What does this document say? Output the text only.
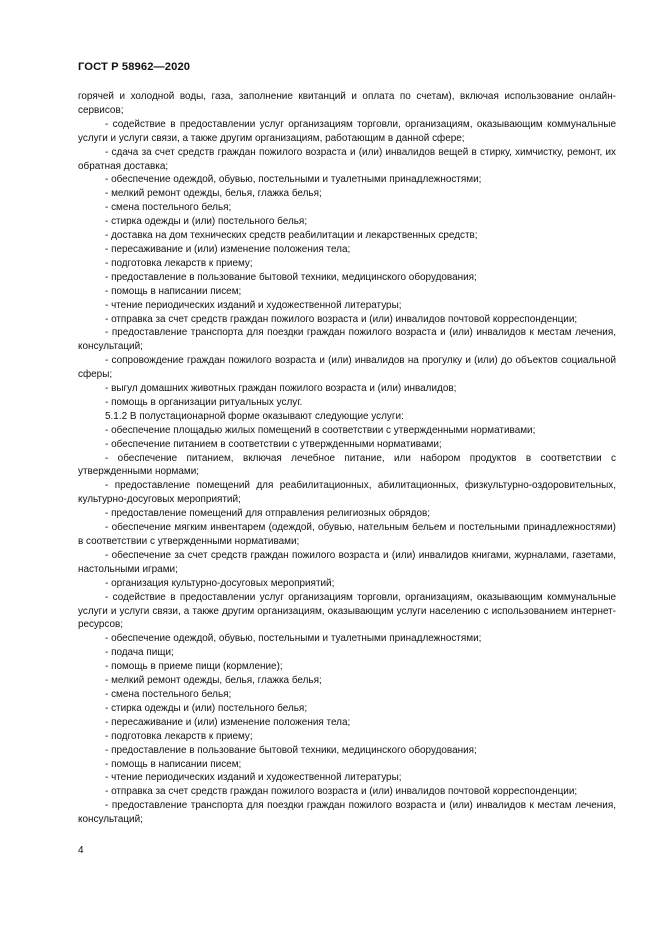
ГОСТ Р 58962—2020

горячей и холодной воды, газа, заполнение квитанций и оплата по счетам), включая использование онлайн-сервисов;

- содействие в предоставлении услуг организациям торговли, организациям, оказывающим коммунальные услуги и услуги связи, а также другим организациям, работающим в данной сфере;

- сдача за счет средств граждан пожилого возраста и (или) инвалидов вещей в стирку, химчистку, ремонт, их обратная доставка;

- обеспечение одеждой, обувью, постельными и туалетными принадлежностями;

- мелкий ремонт одежды, белья, глажка белья;

- смена постельного белья;

- стирка одежды и (или) постельного белья;

- доставка на дом технических средств реабилитации и лекарственных средств;

- пересаживание и (или) изменение положения тела;

- подготовка лекарств к приему;

- предоставление в пользование бытовой техники, медицинского оборудования;

- помощь в написании писем;

- чтение периодических изданий и художественной литературы;

- отправка за счет средств граждан пожилого возраста и (или) инвалидов почтовой корреспонденции;

- предоставление транспорта для поездки граждан пожилого возраста и (или) инвалидов к местам лечения, консультаций;

- сопровождение граждан пожилого возраста и (или) инвалидов на прогулку и (или) до объектов социальной сферы;

- выгул домашних животных граждан пожилого возраста и (или) инвалидов;

- помощь в организации ритуальных услуг.

5.1.2 В полустационарной форме оказывают следующие услуги:

- обеспечение площадью жилых помещений в соответствии с утвержденными нормативами;

- обеспечение питанием в соответствии с утвержденными нормативами;

- обеспечение питанием, включая лечебное питание, или набором продуктов в соответствии с утвержденными нормами;

- предоставление помещений для реабилитационных, абилитационных, физкультурно-оздоровительных, культурно-досуговых мероприятий;

- предоставление помещений для отправления религиозных обрядов;

- обеспечение мягким инвентарем (одеждой, обувью, нательным бельем и постельными принадлежностями) в соответствии с утвержденными нормативами;

- обеспечение за счет средств граждан пожилого возраста и (или) инвалидов книгами, журналами, газетами, настольными играми;

- организация культурно-досуговых мероприятий;

- содействие в предоставлении услуг организациям торговли, организациям, оказывающим коммунальные услуги и услуги связи, а также другим организациям, оказывающим услуги населению с использованием интернет-ресурсов;

- обеспечение одеждой, обувью, постельными и туалетными принадлежностями;

- подача пищи;

- помощь в приеме пищи (кормление);

- мелкий ремонт одежды, белья, глажка белья;

- смена постельного белья;

- стирка одежды и (или) постельного белья;

- пересаживание и (или) изменение положения тела;

- подготовка лекарств к приему;

- предоставление в пользование бытовой техники, медицинского оборудования;

- помощь в написании писем;

- чтение периодических изданий и художественной литературы;

- отправка за счет средств граждан пожилого возраста и (или) инвалидов почтовой корреспонденции;

- предоставление транспорта для поездки граждан пожилого возраста и (или) инвалидов к местам лечения, консультаций;

4
